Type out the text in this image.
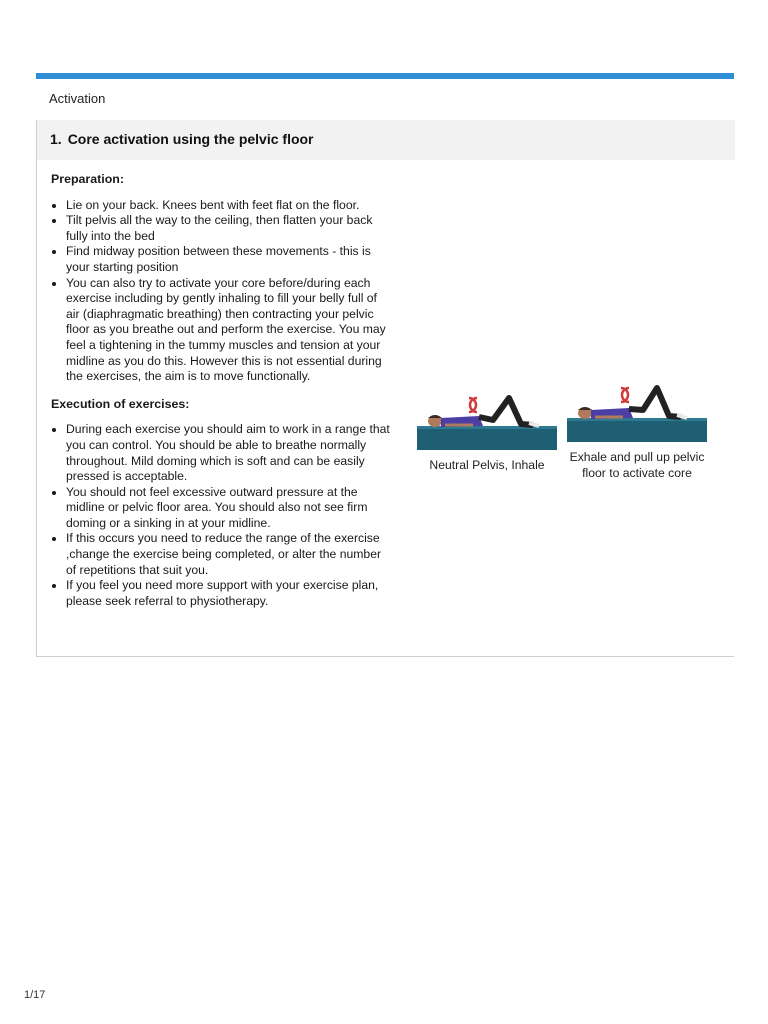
Activation
1. Core activation using the pelvic floor
Preparation:
• Lie on your back. Knees bent with feet flat on the floor.
• Tilt pelvis all the way to the ceiling, then flatten your back fully into the bed
• Find midway position between these movements - this is your starting position
• You can also try to activate your core before/during each exercise including by gently inhaling to fill your belly full of air (diaphragmatic breathing) then contracting your pelvic floor as you breathe out and perform the exercise. You may feel a tightening in the tummy muscles and tension at your midline as you do this. However this is not essential during the exercises, the aim is to move functionally.
Execution of exercises:
• During each exercise you should aim to work in a range that you can control. You should be able to breathe normally throughout. Mild doming which is soft and can be easily pressed is acceptable.
• You should not feel excessive outward pressure at the midline or pelvic floor area. You should also not see firm doming or a sinking in at your midline.
• If this occurs you need to reduce the range of the exercise ,change the exercise being completed, or alter the number of repetitions that suit you.
• If you feel you need more support with your exercise plan, please seek referral to physiotherapy.
Neutral Pelvis, Inhale
Exhale and pull up pelvic floor to activate core
1/17
